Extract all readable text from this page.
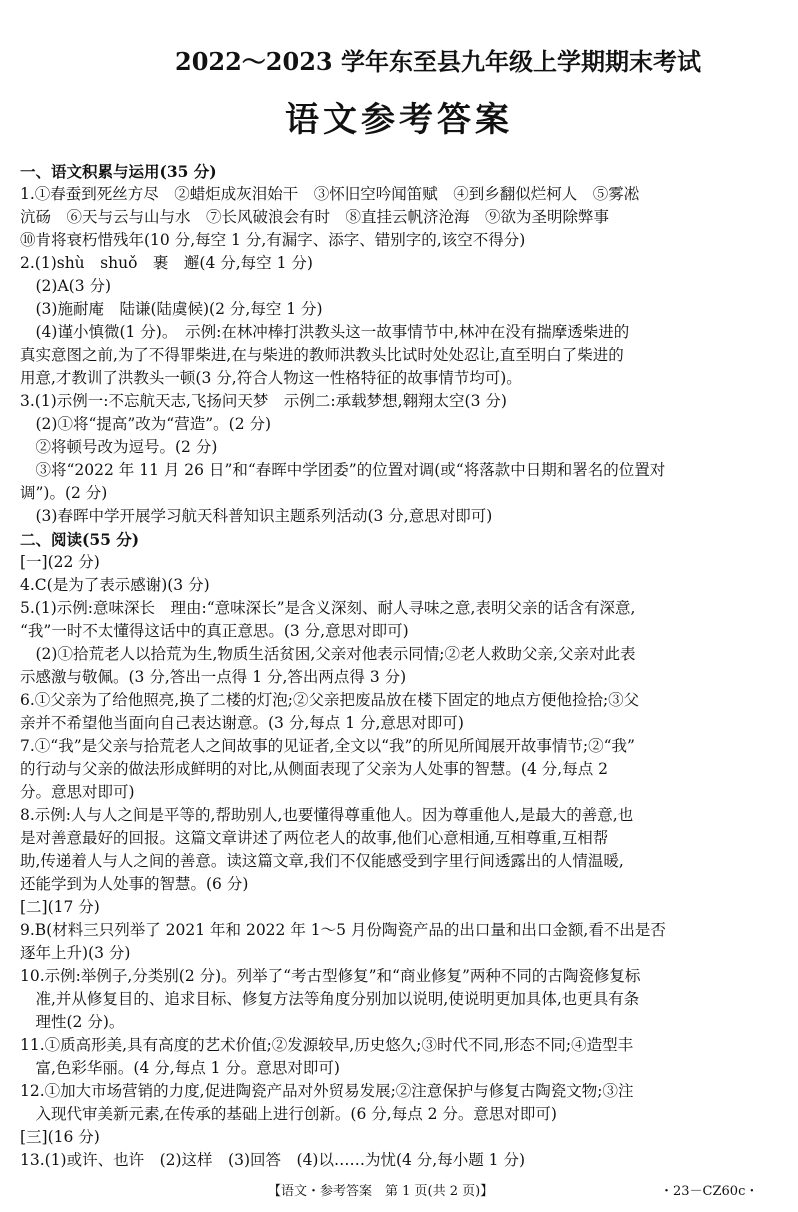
2022～2023 学年东至县九年级上学期期末考试
语文参考答案
一、语文积累与运用(35 分)
1.①春蚕到死丝方尽　②蜡炬成灰泪始干　③怀旧空吟闻笛赋　④到乡翻似烂柯人　⑤雾凇
沆砀　⑥天与云与山与水　⑦长风破浪会有时　⑧直挂云帆济沧海　⑨欲为圣明除弊事
⑩肯将衰朽惜残年(10 分,每空 1 分,有漏字、添字、错别字的,该空不得分)
2.(1)shù　shuǒ　裹　邂(4 分,每空 1 分)
　(2)A(3 分)
　(3)施耐庵　陆谦(陆虞候)(2 分,每空 1 分)
　(4)谨小慎微(1 分)。　示例:在林冲棒打洪教头这一故事情节中,林冲在没有揣摩透柴进的
真实意图之前,为了不得罪柴进,在与柴进的教师洪教头比试时处处忍让,直至明白了柴进的
用意,才教训了洪教头一顿(3 分,符合人物这一性格特征的故事情节均可)。
3.(1)示例一:不忘航天志,飞扬问天梦　示例二:承载梦想,翱翔太空(3 分)
　(2)①将“提高”改为“营造”。(2 分)
　②将顿号改为逗号。(2 分)
　③将“2022 年 11 月 26 日”和“春晖中学团委”的位置对调(或“将落款中日期和署名的位置对
调”)。(2 分)
　(3)春晖中学开展学习航天科普知识主题系列活动(3 分,意思对即可)
二、阅读(55 分)
[一](22 分)
4.C(是为了表示感谢)(3 分)
5.(1)示例:意味深长　理由:“意味深长”是含义深刻、耐人寻味之意,表明父亲的话含有深意,
“我”一时不太懂得这话中的真正意思。(3 分,意思对即可)
　(2)①拾荒老人以拾荒为生,物质生活贫困,父亲对他表示同情;②老人救助父亲,父亲对此表
示感激与敬佩。(3 分,答出一点得 1 分,答出两点得 3 分)
6.①父亲为了给他照亮,换了二楼的灯泡;②父亲把废品放在楼下固定的地点方便他捡拾;③父
亲并不希望他当面向自己表达谢意。(3 分,每点 1 分,意思对即可)
7.①“我”是父亲与拾荒老人之间故事的见证者,全文以“我”的所见所闻展开故事情节;②“我”
的行动与父亲的做法形成鲜明的对比,从侧面表现了父亲为人处事的智慧。(4 分,每点 2
分。意思对即可)
8.示例:人与人之间是平等的,帮助别人,也要懂得尊重他人。因为尊重他人,是最大的善意,也
是对善意最好的回报。这篇文章讲述了两位老人的故事,他们心意相通,互相尊重,互相帮
助,传递着人与人之间的善意。读这篇文章,我们不仅能感受到字里行间透露出的人情温暖,
还能学到为人处事的智慧。(6 分)
[二](17 分)
9.B(材料三只列举了 2021 年和 2022 年 1～5 月份陶瓷产品的出口量和出口金额,看不出是否
逐年上升)(3 分)
10.示例:举例子,分类别(2 分)。列举了“考古型修复”和“商业修复”两种不同的古陶瓷修复标
　准,并从修复目的、追求目标、修复方法等角度分别加以说明,使说明更加具体,也更具有条
　理性(2 分)。
11.①质高形美,具有高度的艺术价值;②发源较早,历史悠久;③时代不同,形态不同;④造型丰
　富,色彩华丽。(4 分,每点 1 分。意思对即可)
12.①加大市场营销的力度,促进陶瓷产品对外贸易发展;②注意保护与修复古陶瓷文物;③注
　入现代审美新元素,在传承的基础上进行创新。(6 分,每点 2 分。意思对即可)
[三](16 分)
13.(1)或许、也许　(2)这样　(3)回答　(4)以……为忧(4 分,每小题 1 分)
【语文・参考答案　第 1 页(共 2 页)】	・23－CZ60c・
